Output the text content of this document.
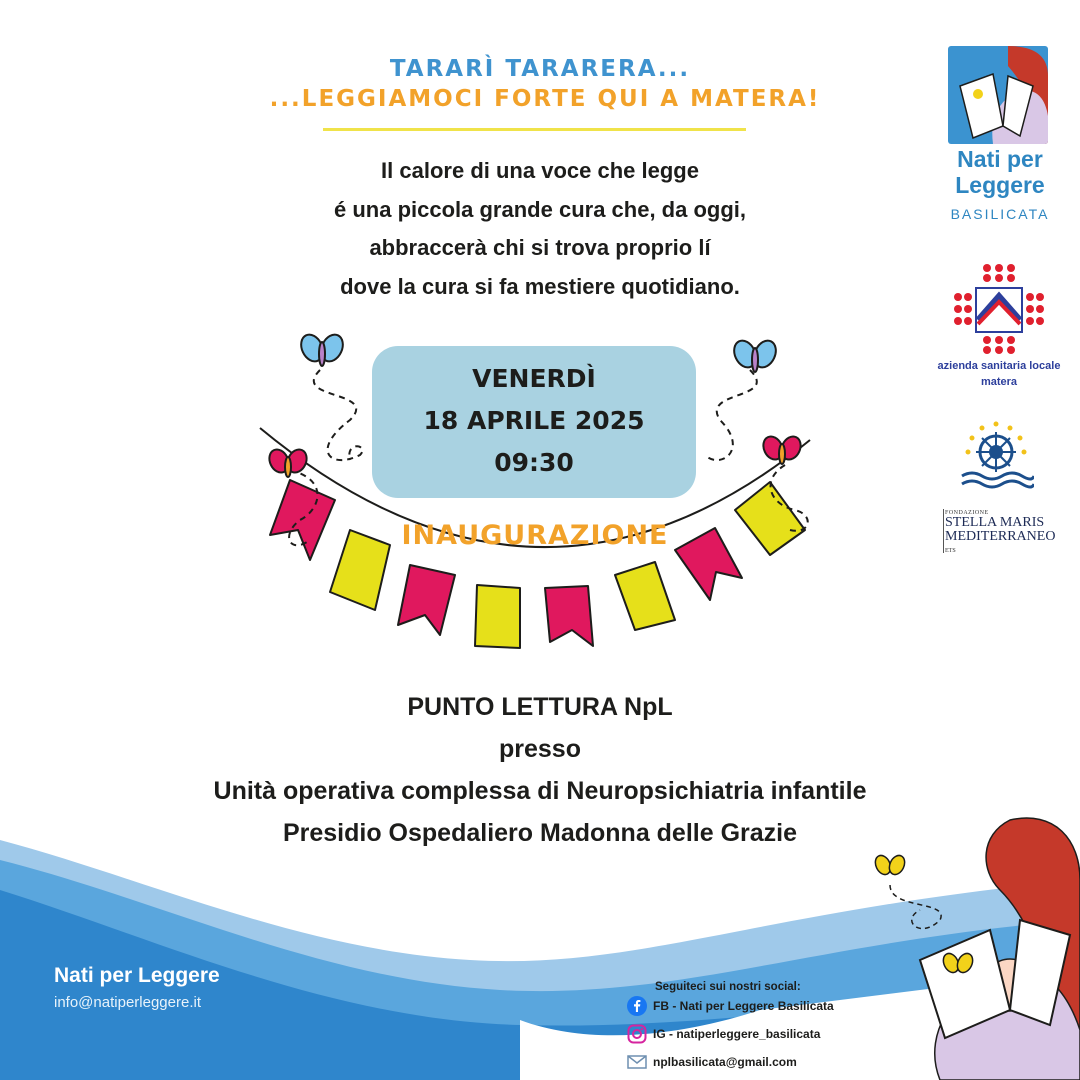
TARARÌ TARARERA...
...LEGGIAMOCI FORTE QUI A MATERA!
Il calore di una voce che legge
é una piccola grande cura che, da oggi,
abbraccerà chi si trova proprio lí
dove la cura si fa mestiere quotidiano.
VENERDÌ
18 APRILE 2025
09:30
INAUGURAZIONE
PUNTO LETTURA NpL
presso
Unità operativa complessa di Neuropsichiatria infantile
Presidio Ospedaliero Madonna delle Grazie
Nati per
Leggere
BASILICATA
azienda sanitaria locale
matera
FONDAZIONE
STELLA MARIS
MEDITERRANEO
ETS
Nati per Leggere
info@natiperleggere.it
Seguiteci sui nostri social:
FB - Nati per Leggere Basilicata
IG - natiperleggere_basilicata
nplbasilicata@gmail.com
